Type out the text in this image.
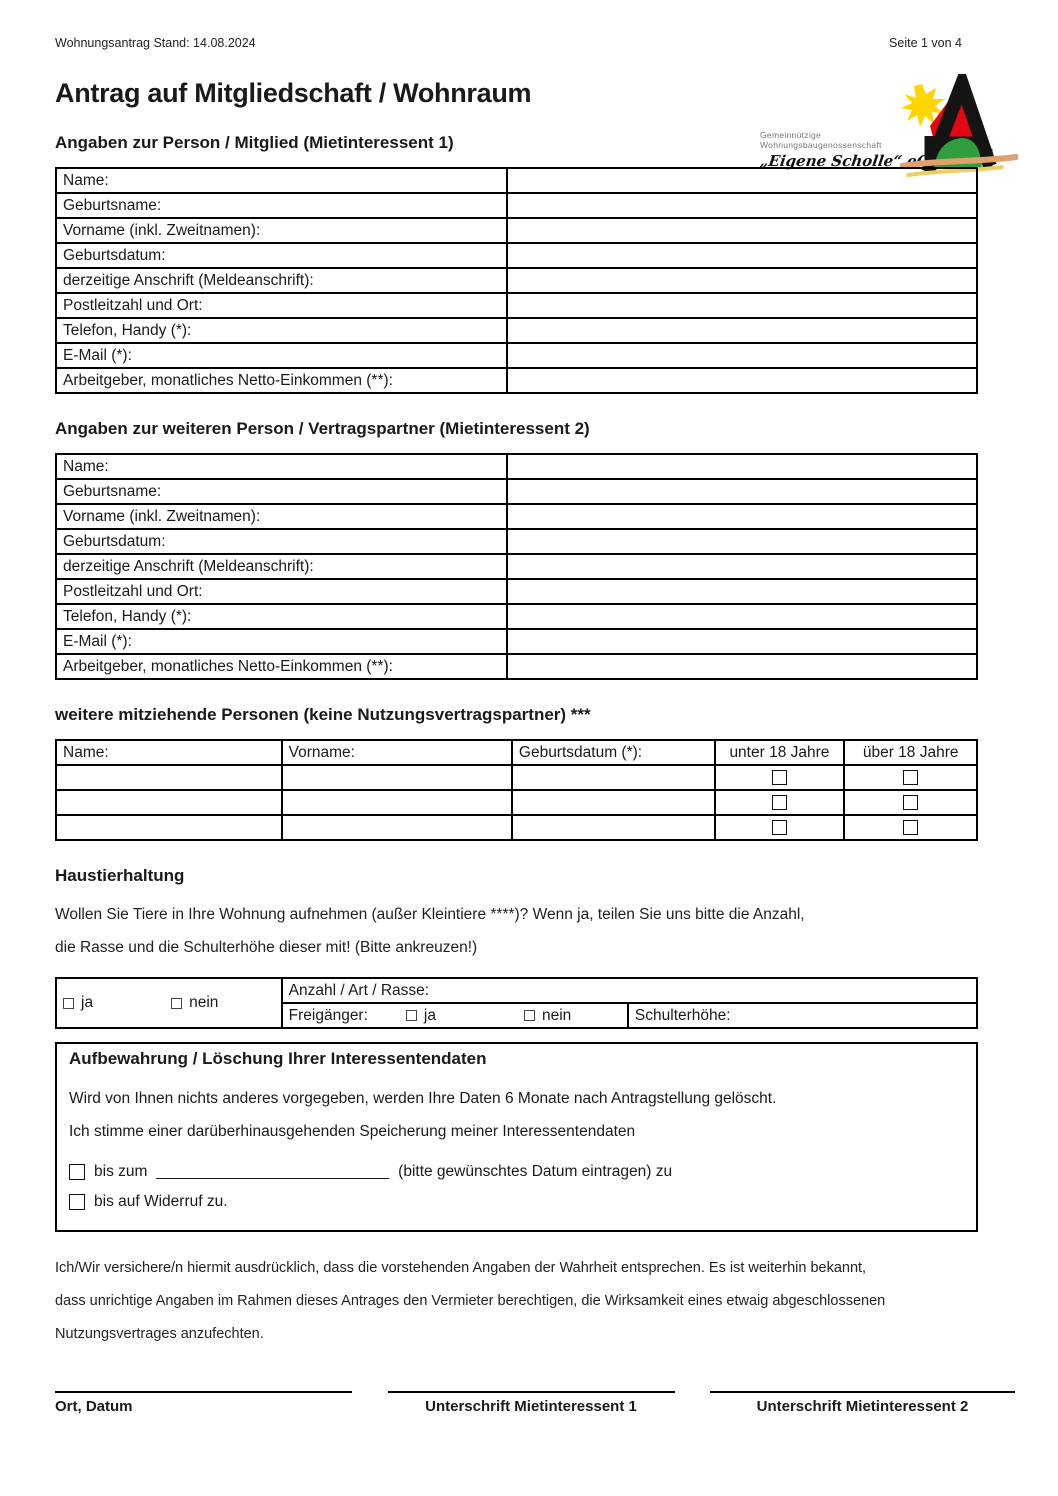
Gemeinnützige
Wohnungsbaugenossenschaft
„Eigene Scholle“ eG
Wohnungsantrag Stand: 14.08.2024	Seite 1 von 4
Antrag auf Mitgliedschaft / Wohnraum
Angaben zur Person / Mitglied (Mietinteressent 1)
Name:	
Geburtsname:	
Vorname (inkl. Zweitnamen):	
Geburtsdatum:	
derzeitige Anschrift (Meldeanschrift):	
Postleitzahl und Ort:	
Telefon, Handy (*):	
E-Mail (*):	
Arbeitgeber, monatliches Netto-Einkommen (**):	
Angaben zur weiteren Person / Vertragspartner (Mietinteressent 2)
Name:	
Geburtsname:	
Vorname (inkl. Zweitnamen):	
Geburtsdatum:	
derzeitige Anschrift (Meldeanschrift):	
Postleitzahl und Ort:	
Telefon, Handy (*):	
E-Mail (*):	
Arbeitgeber, monatliches Netto-Einkommen (**):	
weitere mitziehende Personen (keine Nutzungsvertragspartner) ***
Name:	Vorname:	Geburtsdatum (*):	unter 18 Jahre	über 18 Jahre

Haustierhaltung
Wollen Sie Tiere in Ihre Wohnung aufnehmen (außer Kleintiere ****)? Wenn ja, teilen Sie uns bitte die Anzahl,
die Rasse und die Schulterhöhe dieser mit! (Bitte ankreuzen!)
ja nein	Anzahl / Art / Rasse:	

	Freigänger: ja nein	Schulterhöhe:
Aufbewahrung / Löschung Ihrer Interessentendaten
Wird von Ihnen nichts anderes vorgegeben, werden Ihre Daten 6 Monate nach Antragstellung gelöscht.
Ich stimme einer darüberhinausgehenden Speicherung meiner Interessentendaten
bis zum ___________________________ (bitte gewünschtes Datum eintragen) zu
bis auf Widerruf zu.
Ich/Wir versichere/n hiermit ausdrücklich, dass die vorstehenden Angaben der Wahrheit entsprechen. Es ist weiterhin bekannt,
dass unrichtige Angaben im Rahmen dieses Antrages den Vermieter berechtigen, die Wirksamkeit eines etwaig abgeschlossenen
Nutzungsvertrages anzufechten.
Ort, Datum	Unterschrift Mietinteressent 1	Unterschrift Mietinteressent 2
